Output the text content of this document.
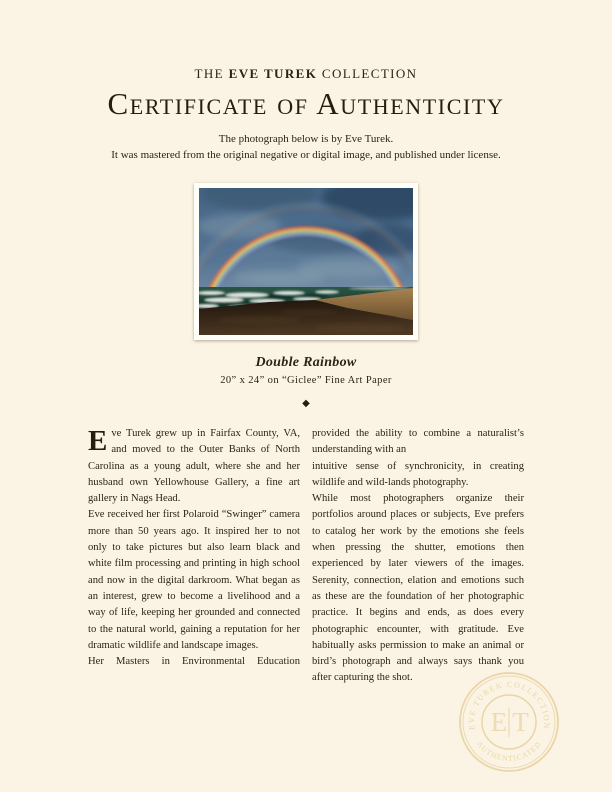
THE EVE TUREK COLLECTION
Certificate of Authenticity
The photograph below is by Eve Turek.
It was mastered from the original negative or digital image, and published under license.
Double Rainbow
20” x 24” on “Giclee” Fine Art Paper
◆

Eve Turek grew up in Fairfax County, VA, and moved to the Outer Banks of North Carolina as a young adult, where she and her husband own Yellowhouse Gallery, a fine art gallery in Nags Head.

Eve received her first Polaroid “Swinger” camera more than 50 years ago. It inspired her to not only to take pictures but also learn black and white film processing and printing in high school and now in the digital darkroom. What began as an interest, grew to become a livelihood and a way of life, keeping her grounded and connected to the natural world, gaining a reputation for her dramatic wildlife and landscape images.

Her Masters in Environmental Education

provided the ability to combine a naturalist’s understanding with an

intuitive sense of synchronicity, in creating wildlife and wild-lands photography.

While most photographers organize their portfolios around places or subjects, Eve prefers to catalog her work by the emotions she feels when pressing the shutter, emotions then experienced by later viewers of the images. Serenity, connection, elation and emotions such as these are the foundation of her photographic practice. It begins and ends, as does every photographic encounter, with gratitude. Eve habitually asks permission to make an animal or bird’s photograph and always says thank you after capturing the shot.

EVE TUREK COLLECTION
AUTHENTICATED
E T
